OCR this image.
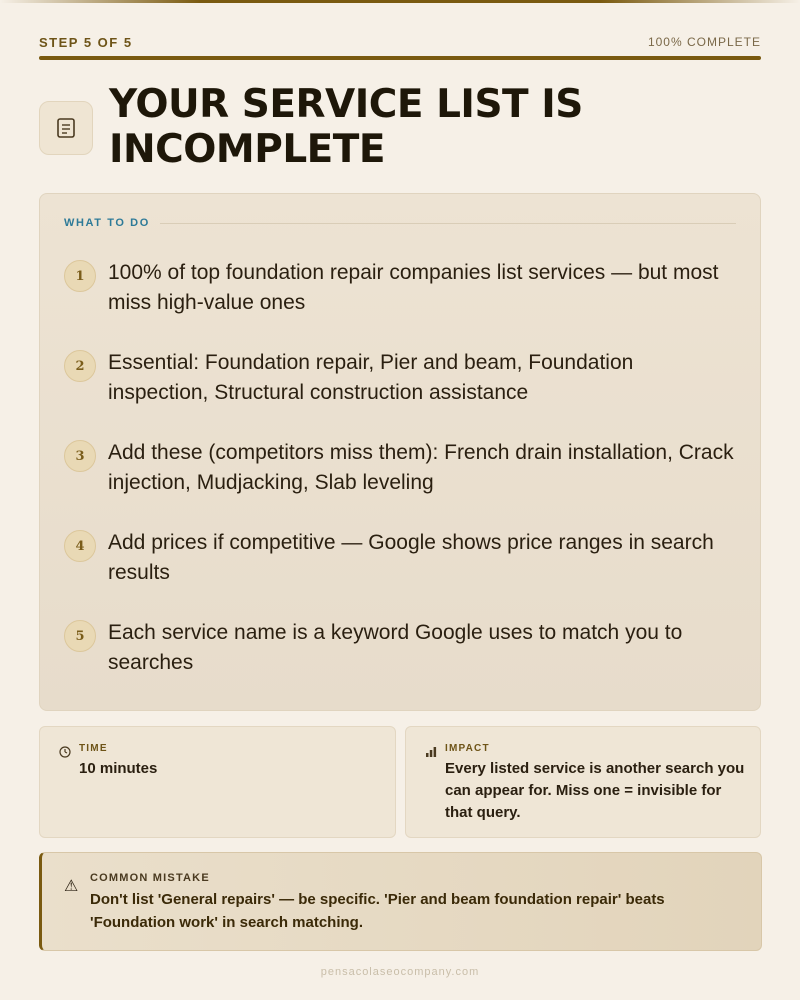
STEP 5 OF 5	100% COMPLETE
YOUR SERVICE LIST IS INCOMPLETE
WHAT TO DO
1	100% of top foundation repair companies list services — but most miss high-value ones
2	Essential: Foundation repair, Pier and beam, Foundation inspection, Structural construction assistance
3	Add these (competitors miss them): French drain installation, Crack injection, Mudjacking, Slab leveling
4	Add prices if competitive — Google shows price ranges in search results
5	Each service name is a keyword Google uses to match you to searches
TIME
10 minutes
IMPACT
Every listed service is another search you can appear for. Miss one = invisible for that query.
⚠ COMMON MISTAKE
Don't list 'General repairs' — be specific. 'Pier and beam foundation repair' beats 'Foundation work' in search matching.
pensacolaseocompany.com
